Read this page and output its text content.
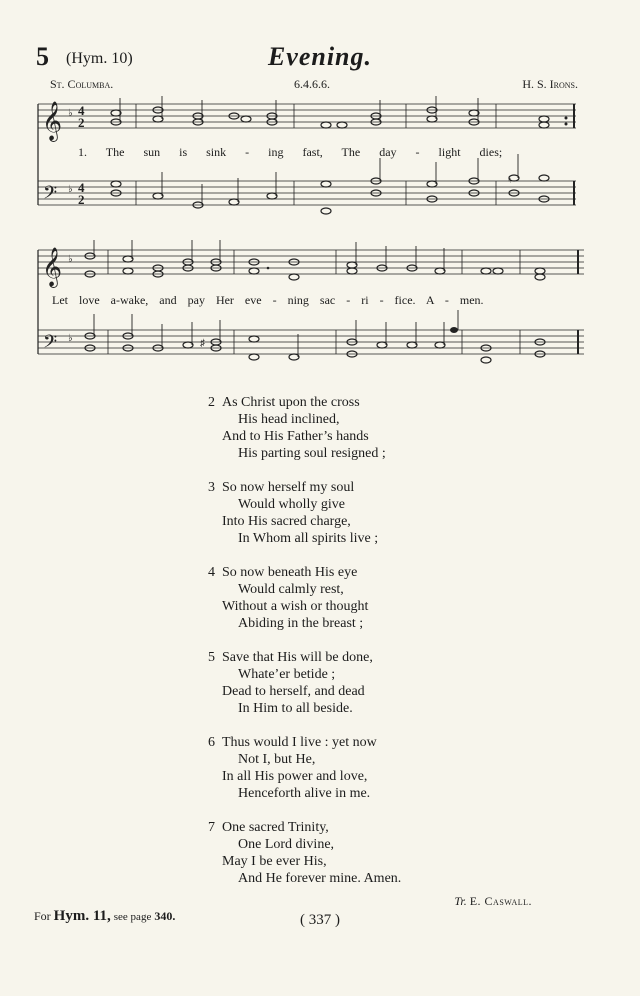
5 (Hym. 10)	Evening.
St. Columba.	6.4.6.6.	H. S. Irons.
𝄞
𝄢
♭
♭
4
2
4
2
♮
1. The sun is sink - ing fast, The day - light dies;
𝄞
𝄢
♭
♭	♯
Let love a-wake, and pay Her eve - ning sac - ri - fice. A - men.
2 As Christ upon the cross
His head inclined,
And to His Father’s hands
His parting soul resigned ;
3 So now herself my soul
Would wholly give
Into His sacred charge,
In Whom all spirits live ;
4 So now beneath His eye
Would calmly rest,
Without a wish or thought
Abiding in the breast ;
5 Save that His will be done,
Whate’er betide ;
Dead to herself, and dead
In Him to all beside.
6 Thus would I live : yet now
Not I, but He,
In all His power and love,
Henceforth alive in me.
7 One sacred Trinity,
One Lord divine,
May I be ever His,
And He forever mine. Amen.
Tr. E. Caswall.
For Hym. 11, see page 340.	( 337 )
